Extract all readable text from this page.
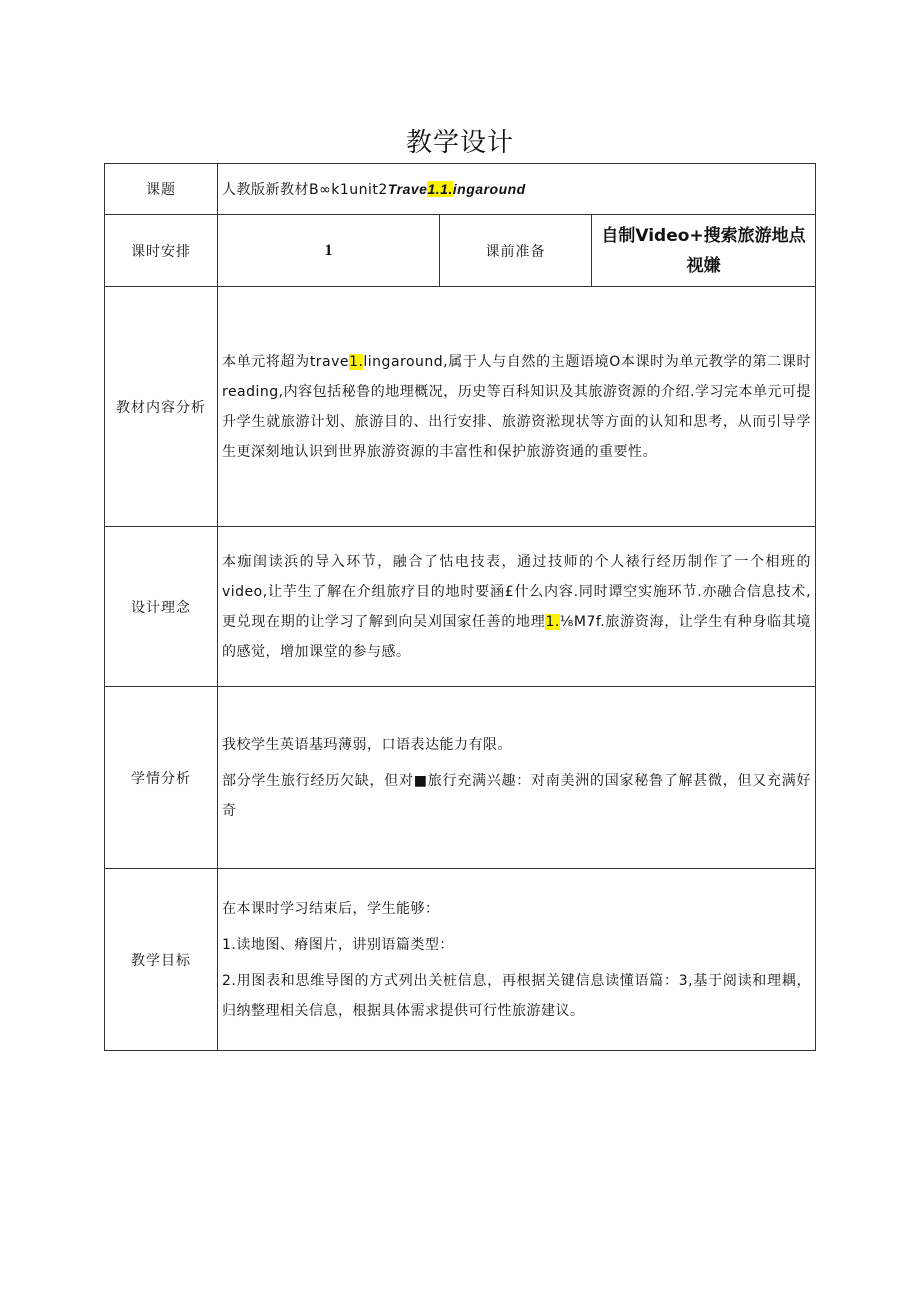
教学设计
课题	人教版新教材B∞k1unit2Trave1.1.ingaround		
课时安排	1	课前准备	自制Video+搜索旅游地点
视嫌

教材内容分析	本单元将超为trave1.lingaround,属于人与自然的主题语境O本课时为单元教学的第二课时reading,内容包括秘鲁的地理概况，历史等百科知识及其旅游资源的介绍.学习完本单元可提升学生就旅游计划、旅游目的、出行安排、旅游资淞现状等方面的认知和思考，从而引导学生更深刻地认识到世界旅游资源的丰富性和保护旅游资通的重要性。		
设计理念	本痂闺读浜的导入环节，融合了怙电技表，通过技师的个人裱行经历制作了一个相班的video,让芋生了解在介组旅疗目的地时要涵£什么内容.同时谭空实施环节.亦融合信息技术,更兑现在期的让学习了解到向吴刈国家任善的地理1.⅛M7f.旅游资海，让学生有种身临其境的感觉，增加课堂的参与感。		
学情分析	我校学生英语基玛薄弱，口语表达能力有限。

部分学生旅行经历欠缺，但对■旅行充满兴趣：对南美洲的国家秘鲁了解甚微，但又充满好奇		

教学目标	在本课时学习结束后，学生能够：

1.读地图、瘠图片，讲别语篇类型：

2.用图表和思维导图的方式列出关桩信息，再根据关键信息读懂语篇：3,基于阅读和理耦，归纳整理相关信息，根据具体需求提供可行性旅游建议。		
